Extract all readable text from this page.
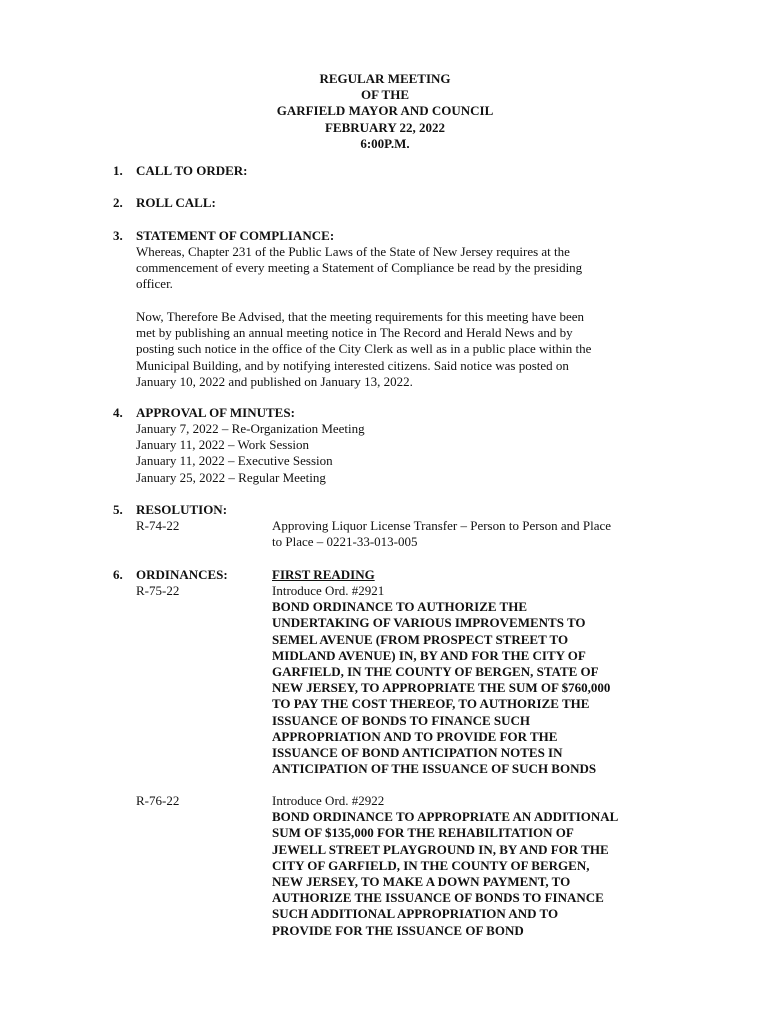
REGULAR MEETING
OF THE
GARFIELD MAYOR AND COUNCIL
FEBRUARY 22, 2022
6:00P.M.
1. CALL TO ORDER:
2. ROLL CALL:
3. STATEMENT OF COMPLIANCE:
Whereas, Chapter 231 of the Public Laws of the State of New Jersey requires at the
commencement of every meeting a Statement of Compliance be read by the presiding
officer.
Now, Therefore Be Advised, that the meeting requirements for this meeting have been
met by publishing an annual meeting notice in The Record and Herald News and by
posting such notice in the office of the City Clerk as well as in a public place within the
Municipal Building, and by notifying interested citizens. Said notice was posted on
January 10, 2022 and published on January 13, 2022.
4. APPROVAL OF MINUTES:
January 7, 2022 – Re-Organization Meeting
January 11, 2022 – Work Session
January 11, 2022 – Executive Session
January 25, 2022 – Regular Meeting
5. RESOLUTION:
R-74-22	Approving Liquor License Transfer – Person to Person and Place
to Place – 0221-33-013-005
6. ORDINANCES:	FIRST READING
R-75-22	Introduce Ord. #2921
BOND ORDINANCE TO AUTHORIZE THE
UNDERTAKING OF VARIOUS IMPROVEMENTS TO
SEMEL AVENUE (FROM PROSPECT STREET TO
MIDLAND AVENUE) IN, BY AND FOR THE CITY OF
GARFIELD, IN THE COUNTY OF BERGEN, STATE OF
NEW JERSEY, TO APPROPRIATE THE SUM OF $760,000
TO PAY THE COST THEREOF, TO AUTHORIZE THE
ISSUANCE OF BONDS TO FINANCE SUCH
APPROPRIATION AND TO PROVIDE FOR THE
ISSUANCE OF BOND ANTICIPATION NOTES IN
ANTICIPATION OF THE ISSUANCE OF SUCH BONDS
R-76-22	Introduce Ord. #2922
BOND ORDINANCE TO APPROPRIATE AN ADDITIONAL
SUM OF $135,000 FOR THE REHABILITATION OF
JEWELL STREET PLAYGROUND IN, BY AND FOR THE
CITY OF GARFIELD, IN THE COUNTY OF BERGEN,
NEW JERSEY, TO MAKE A DOWN PAYMENT, TO
AUTHORIZE THE ISSUANCE OF BONDS TO FINANCE
SUCH ADDITIONAL APPROPRIATION AND TO
PROVIDE FOR THE ISSUANCE OF BOND
